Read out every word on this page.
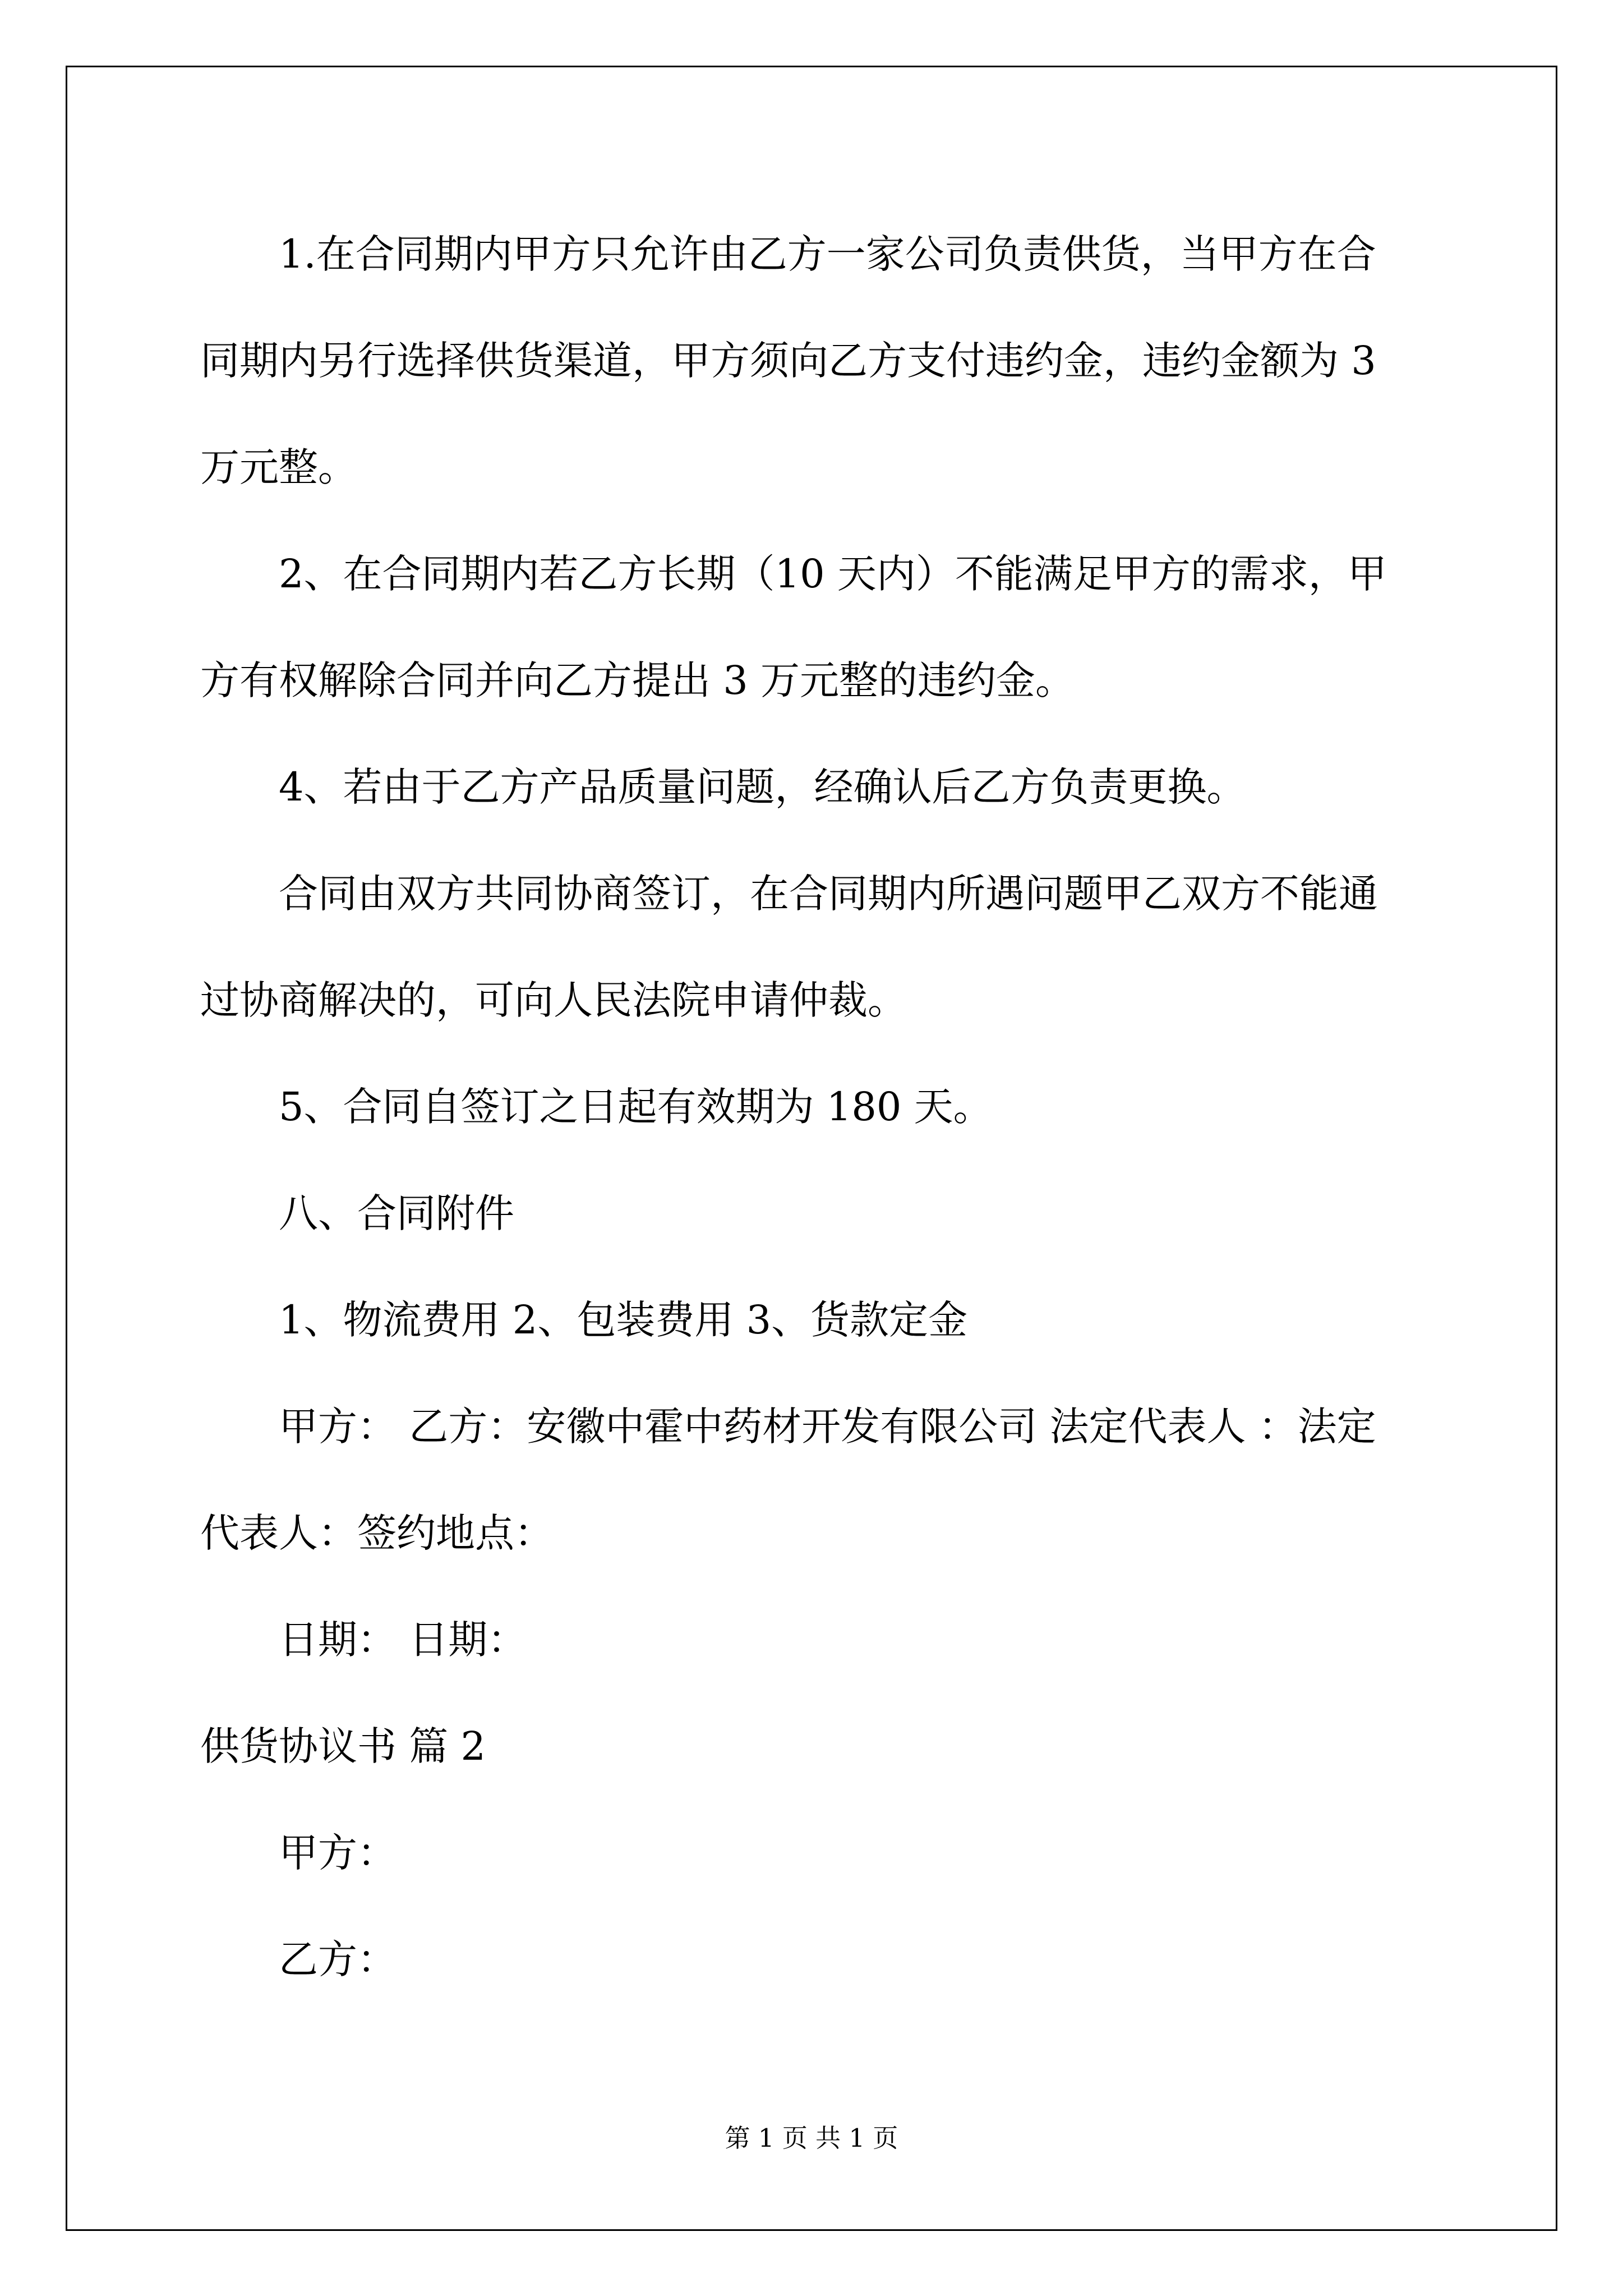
1.在合同期内甲方只允许由乙方一家公司负责供货，当甲方在合
同期内另行选择供货渠道，甲方须向乙方支付违约金，违约金额为 3
万元整。
2、在合同期内若乙方长期（10 天内）不能满足甲方的需求，甲
方有权解除合同并向乙方提出 3 万元整的违约金。
4、若由于乙方产品质量问题，经确认后乙方负责更换。
合同由双方共同协商签订，在合同期内所遇问题甲乙双方不能通
过协商解决的，可向人民法院申请仲裁。
5、合同自签订之日起有效期为 180 天。
八、合同附件
1、物流费用 2、包装费用 3、货款定金
甲方： 乙方：安徽中霍中药材开发有限公司 法定代表人 ：法定
代表人：签约地点：
日期： 日期：
供货协议书 篇 2
甲方：
乙方：
第 1 页 共 1 页
